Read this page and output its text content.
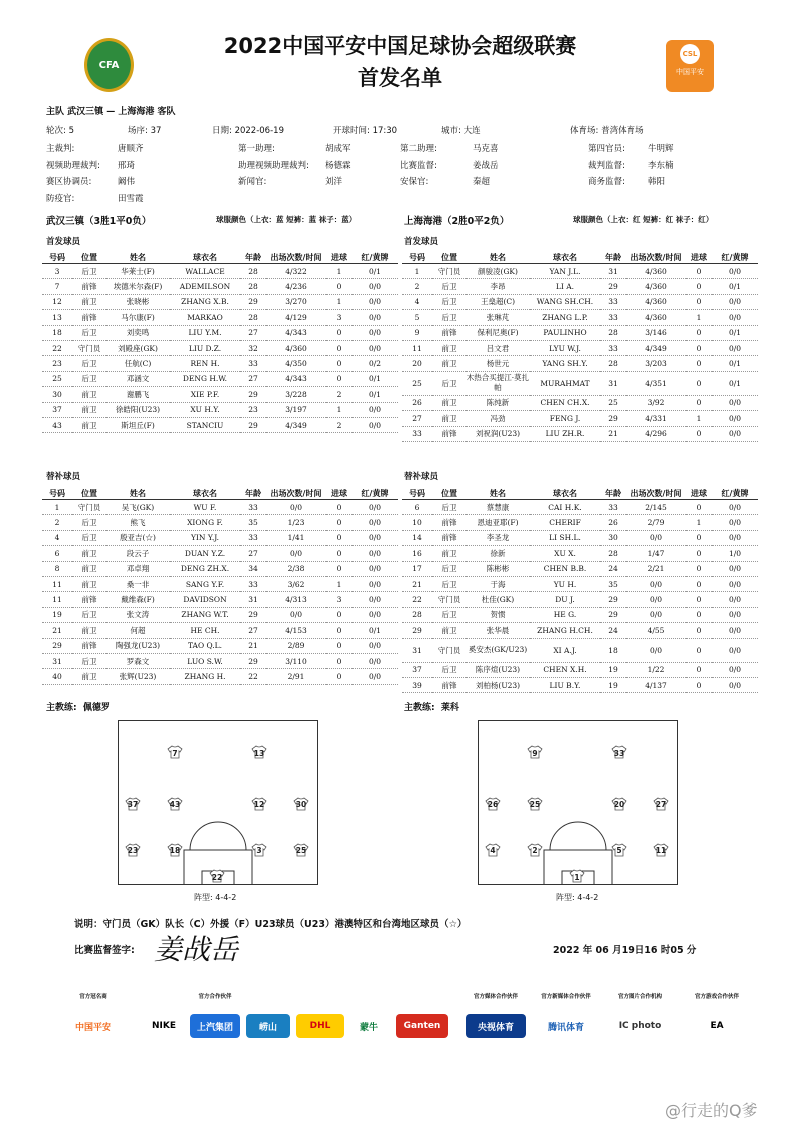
CFA
2022中国平安中国足球协会超级联赛
首发名单
CSL
中国平安
主队 武汉三镇 — 上海海港 客队
轮次: 5	场序: 37	日期: 2022-06-19	开球时间: 17:30	城市: 大连	体育场: 普湾体育场
主裁判:	唐顺齐	第一助理:	胡成军	第二助理:	马克喜	第四官员:	牛明辉
视频助理裁判: 邢琦	助理视频助理裁判: 杨德霖	比赛监督:	姜战岳	裁判监督:	李东楠
赛区协调员:	阚伟	新闻官:	刘洋	安保官:	秦超	商务监督:	韩阳
防疫官:	田雪霞
武汉三镇（3胜1平0负）	球服颜色（上衣：蓝 短裤：蓝 袜子：蓝）	上海海港（2胜0平2负）	球服颜色（上衣：红 短裤：红 袜子：红）
首发球员	首发球员
替补球员	替补球员
号码	位置	姓名	球衣名	年龄	出场次数/时间	进球	红/黄牌
3	后卫	华莱士(F)	WALLACE	28	4/322	1	0/1
7	前锋	埃德米尔森(F)	ADEMILSON	28	4/236	0	0/0
12	前卫	张晓彬	ZHANG X.B.	29	3/270	1	0/0
13	前锋	马尔康(F)	MARKAO	28	4/129	3	0/0
18	后卫	刘奕鸣	LIU Y.M.	27	4/343	0	0/0
22	守门员	刘殿座(GK)	LIU D.Z.	32	4/360	0	0/0
23	后卫	任航(C)	REN H.	33	4/350	0	0/2
25	后卫	邓涵文	DENG H.W.	27	4/343	0	0/1
30	前卫	谢鹏飞	XIE P.F.	29	3/228	2	0/1
37	前卫	徐皓阳(U23)	XU H.Y.	23	3/197	1	0/0
43	前卫	斯坦丘(F)	STANCIU	29	4/349	2	0/0
号码	位置	姓名	球衣名	年龄	出场次数/时间	进球	红/黄牌
1	守门员	颜骏凌(GK)	YAN J.L.	31	4/360	0	0/0
2	后卫	李昂	LI A.	29	4/360	0	0/1
4	后卫	王燊超(C)	WANG SH.CH.	33	4/360	0	0/0
5	后卫	张琳芃	ZHANG L.P.	33	4/360	1	0/0
9	前锋	保利尼奥(F)	PAULINHO	28	3/146	0	0/1
11	前卫	吕文君	LYU W.J.	33	4/349	0	0/0
20	前卫	杨世元	YANG SH.Y.	28	3/203	0	0/1
25	后卫	木热合买提江·莫扎帕	MURAHMAT	31	4/351	0	0/1
26	前卫	陈纯新	CHEN CH.X.	25	3/92	0	0/0
27	前卫	冯劲	FENG J.	29	4/331	1	0/0
33	前锋	刘祝润(U23)	LIU ZH.R.	21	4/296	0	0/0
号码	位置	姓名	球衣名	年龄	出场次数/时间	进球	红/黄牌
1	守门员	吴飞(GK)	WU F.	33	0/0	0	0/0
2	后卫	熊飞	XIONG F.	35	1/23	0	0/0
4	后卫	殷亚吉(☆)	YIN Y.J.	33	1/41	0	0/0
6	前卫	段云子	DUAN Y.Z.	27	0/0	0	0/0
8	前卫	邓卓翔	DENG ZH.X.	34	2/38	0	0/0
11	前卫	桑一非	SANG Y.F.	33	3/62	1	0/0
11	前锋	戴维森(F)	DAVIDSON	31	4/313	3	0/0
19	后卫	张文涛	ZHANG W.T.	29	0/0	0	0/0
21	前卫	何超	HE CH.	27	4/153	0	0/1
29	前锋	陶强龙(U23)	TAO Q.L.	21	2/89	0	0/0
31	后卫	罗森文	LUO S.W.	29	3/110	0	0/0
40	前卫	张辉(U23)	ZHANG H.	22	2/91	0	0/0
号码	位置	姓名	球衣名	年龄	出场次数/时间	进球	红/黄牌
6	后卫	蔡慧康	CAI H.K.	33	2/145	0	0/0
10	前锋	恩迪亚耶(F)	CHERIF	26	2/79	1	0/0
14	前锋	李圣龙	LI SH.L.	30	0/0	0	0/0
16	前卫	徐新	XU X.	28	1/47	0	1/0
17	后卫	陈彬彬	CHEN B.B.	24	2/21	0	0/0
21	后卫	于海	YU H.	35	0/0	0	0/0
22	守门员	杜佳(GK)	DU J.	29	0/0	0	0/0
28	后卫	贺惯	HE G.	29	0/0	0	0/0
29	前卫	张华晨	ZHANG H.CH.	24	4/55	0	0/0
31	守门员	奚安杰(GK/U23)	XI A.J.	18	0/0	0	0/0
37	后卫	陈序煊(U23)	CHEN X.H.	19	1/22	0	0/0
39	前锋	刘柏杨(U23)	LIU B.Y.	19	4/137	0	0/0
主教练: 佩德罗	主教练: 莱科
7	13
37	43	12	30
23	18	3	25
22
9	33
26	25	20	27
4	2	5	11
1
阵型: 4-4-2	阵型: 4-4-2
说明：守门员（GK）队长（C）外援（F）U23球员（U23）港澳特区和台湾地区球员（☆）
比赛监督签字: 姜战岳	2022 年 06 月19日16 时05 分
官方冠名商
中国平安	NIKE
官方合作伙伴
上汽集团	崂山	DHL	蒙牛	Ganten
官方媒体合作伙伴
央视体育
官方新媒体合作伙伴
腾讯体育
官方图片合作机构
IC photo
官方游戏合作伙伴
EA
@行走的Q爹
